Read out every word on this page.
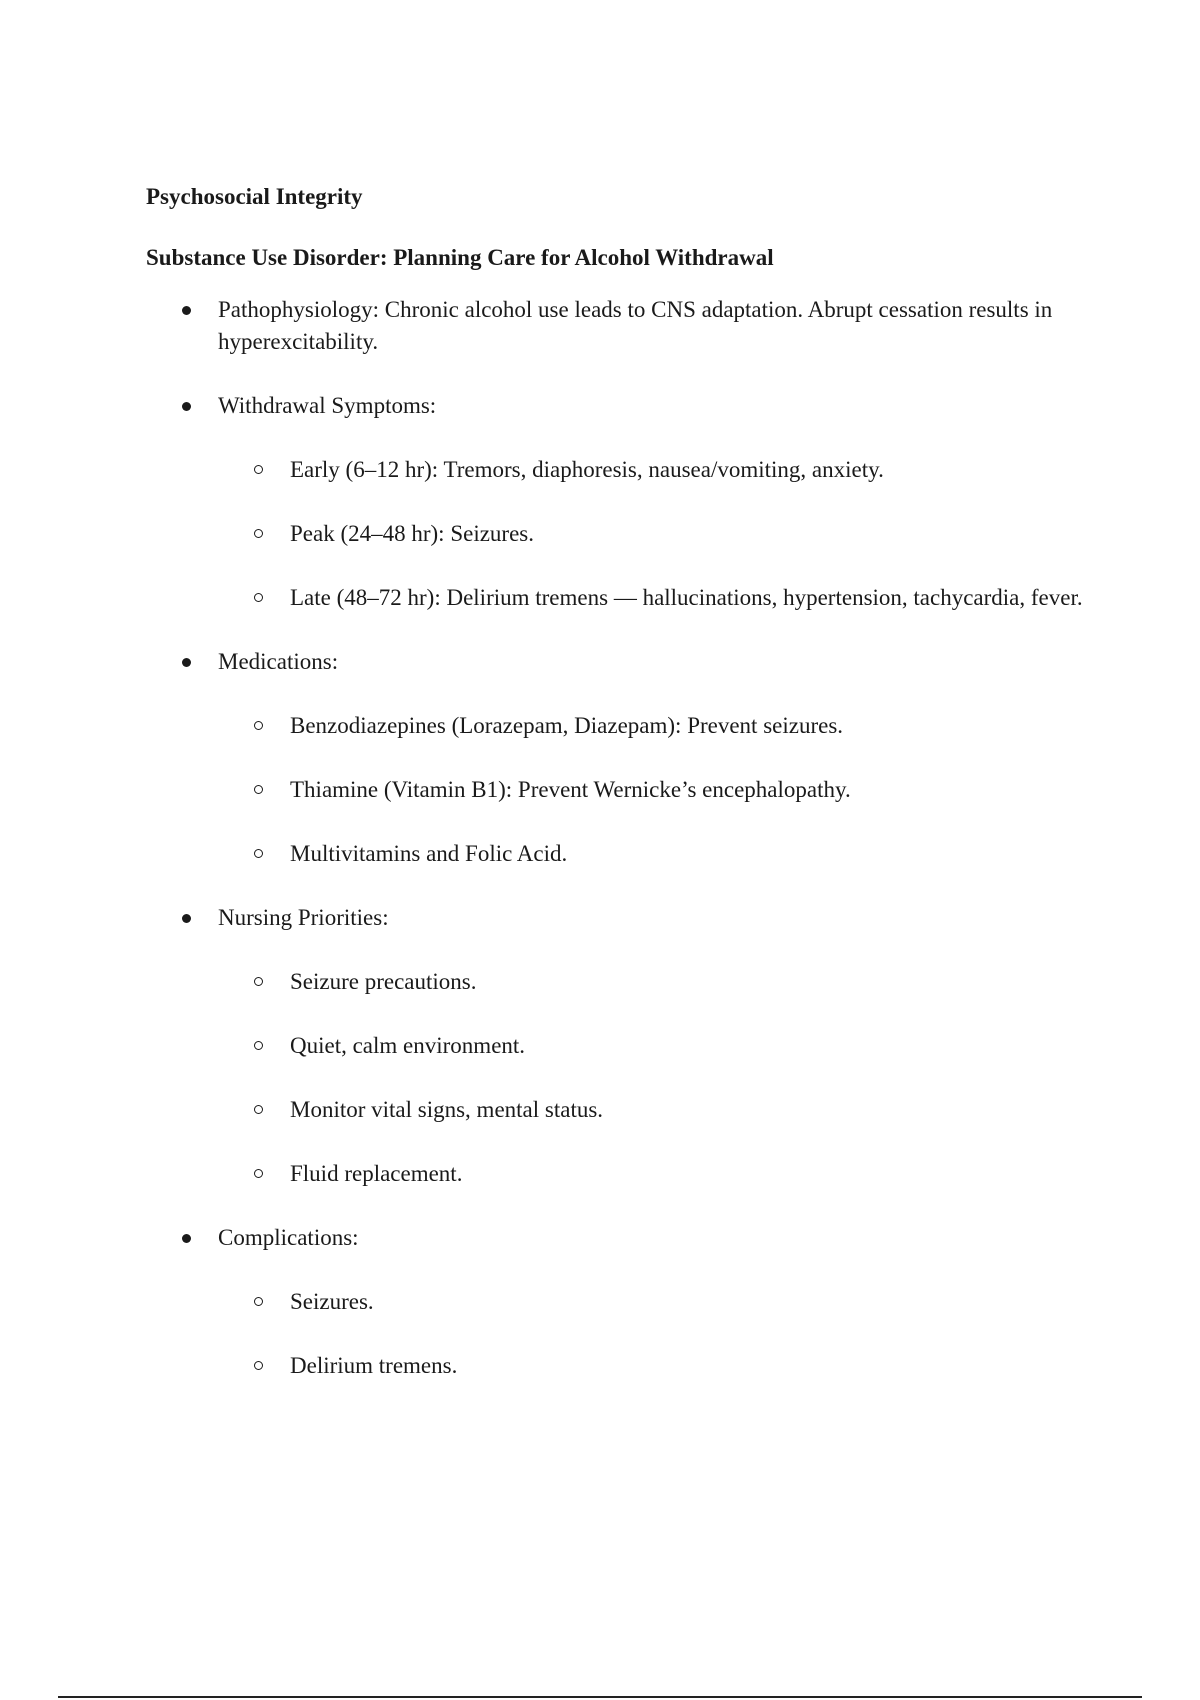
Psychosocial Integrity

Substance Use Disorder: Planning Care for Alcohol Withdrawal

Pathophysiology: Chronic alcohol use leads to CNS adaptation. Abrupt cessation results in hyperexcitability.
Withdrawal Symptoms:
Early (6–12 hr): Tremors, diaphoresis, nausea/vomiting, anxiety.
Peak (24–48 hr): Seizures.
Late (48–72 hr): Delirium tremens — hallucinations, hypertension, tachycardia, fever.
Medications:
Benzodiazepines (Lorazepam, Diazepam): Prevent seizures.
Thiamine (Vitamin B1): Prevent Wernicke’s encephalopathy.
Multivitamins and Folic Acid.
Nursing Priorities:
Seizure precautions.
Quiet, calm environment.
Monitor vital signs, mental status.
Fluid replacement.
Complications:
Seizures.
Delirium tremens.
